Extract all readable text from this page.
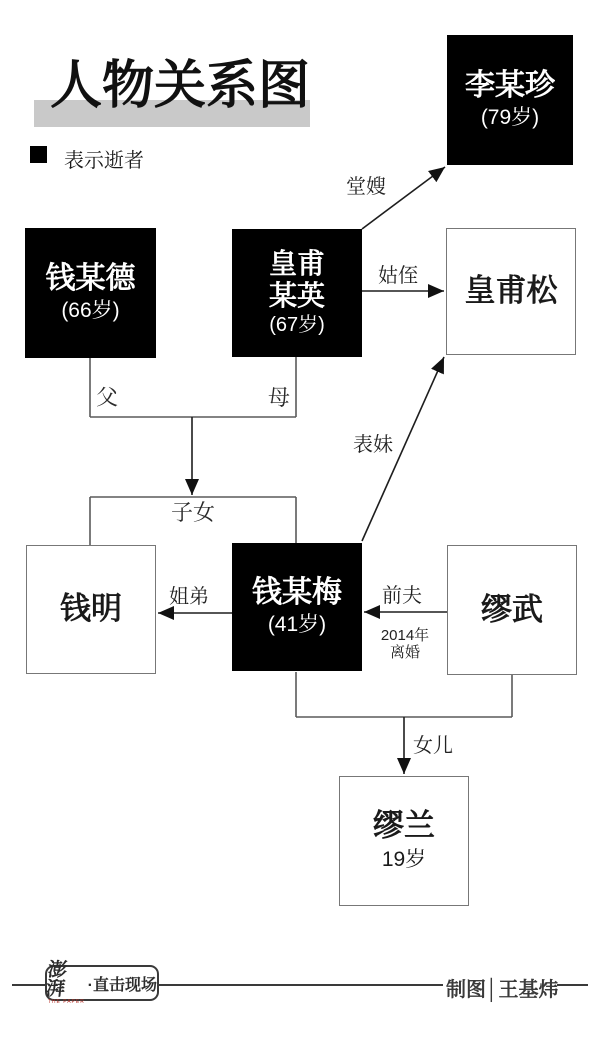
人物关系图
表示逝者
李某珍
(79岁)
钱某德
(66岁)
皇甫
某英
(67岁)
皇甫松
钱明	钱某梅
(41岁)	缪武
缪兰
19岁
堂嫂
姑侄
父	母
子女
表妹
姐弟	前夫
2014年
离婚
女儿
澎湃
THE PAPER
·直击现场	制图│王基炜
